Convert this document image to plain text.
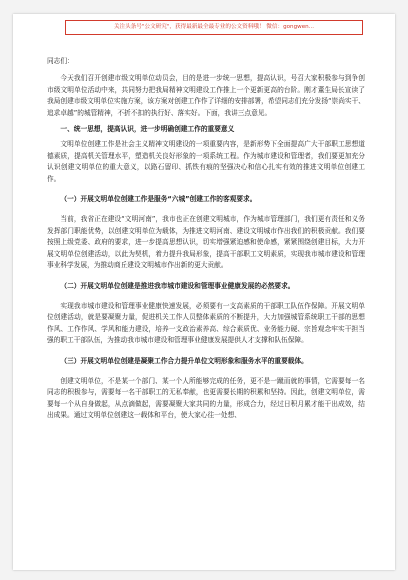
关注头条号"公文研究"，获得最新最全最专业的公文资料哦！ 微信：gongwen...

同志们：

今天我们召开创建市级文明单位动员会，目的是进一步统一思想，提高认识，号召大家积极参与到争创市级文明单位活动中来，共同努力把我局精神文明建设工作推上一个更新更高的台阶。刚才董生局长宣读了我局创建市级文明单位实施方案，该方案对创建工作作了详细的安排部署，希望同志们充分发扬“崇尚实干、追求卓越”的城管精神，不折不扣的执行好、落实好。下面，我讲三点意见。

一、统一思想，提高认识，进一步明确创建工作的重要意义

文明单位创建工作是社会主义精神文明建设的一项重要内容，是新形势下全面提高广大干部职工思想道德素质，提高机关管理水平，塑造机关良好形象的一项系统工程。作为城市建设和管理者，我们要更加充分认识创建文明单位的重大意义，以路石留印、抓铁有痕的坚强决心和信心扎实有效的推进文明单位创建工作。

（一）开展文明单位创建工作是服务“六城”创建工作的客观要求。

当前，我省正在建设“文明河南”，我市也正在创建文明城市，作为城市管理部门，我们更有责任和义务发挥部门职能优势，以创建文明单位为载体，为推进文明河南、建设文明城市作出我们的积极贡献。我们要按照上级党委、政府的要求，进一步提高思想认识，切实增强紧迫感和使命感，紧紧围绕创建目标，大力开展文明单位创建活动，以此为契机，着力提升我局形象，提高干部职工文明素质，实现我市城市建设和管理事业科学发展，为推动商丘建设文明城市作出新的更大贡献。

（二）开展文明单位创建是推进我市城市建设和管理事业健康发展的必然要求。

实现我市城市建设和管理事业健康快速发展，必须要有一支高素质的干部职工队伍作保障。开展文明单位创建活动，就是要凝聚力量，促进机关工作人员整体素质的不断提升，大力加强城管系统职工干部的思想作风、工作作风、学风和能力建设，培养一支政治素养高、综合素质优、业务能力硬、宗旨观念牢实干担当强的职工干部队伍，为推动我市城市建设和管理事业健康发展提供人才支撑和队伍保障。

（三）开展文明单位创建是凝聚工作合力提升单位文明形象和服务水平的重要载体。

创建文明单位，不是某一个部门、某一个人所能够完成的任务，更不是一蹴而就的事情，它需要每一名同志的积极参与，需要每一名干部职工的无私奉献，也更需要长期的积累和坚持。因此，创建文明单位，需要每一个从自身做起，从点滴做起，需要凝聚大家共同的力量，形成合力，经过日积月累才能干出成效，结出成果。通过文明单位创建这一载体和平台，使大家心往一处想、
